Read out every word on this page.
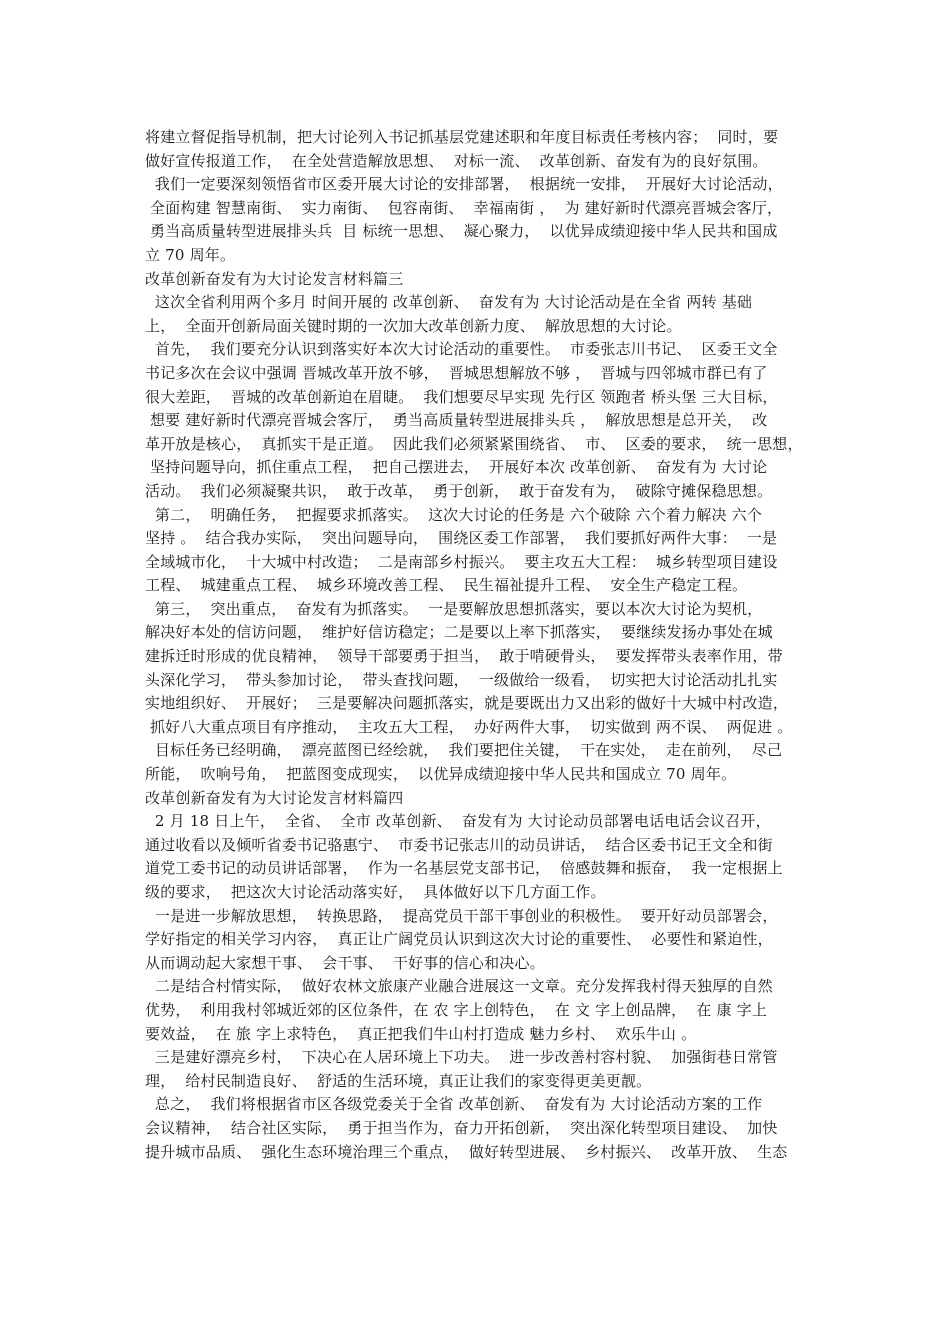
将建立督促指导机制，把大讨论列入书记抓基层党建述职和年度目标责任考核内容；  同时，要
做好宣传报道工作，  在全处营造解放思想、  对标一流、  改革创新、奋发有为的良好氛围。
我们一定要深刻领悟省市区委开展大讨论的安排部署，  根据统一安排，  开展好大讨论活动，
全面构建 智慧南街、  实力南街、  包容南街、  幸福南街 ，  为 建好新时代漂亮晋城会客厅，
勇当高质量转型进展排头兵  目 标统一思想、  凝心聚力，  以优异成绩迎接中华人民共和国成
立 70 周年。
改革创新奋发有为大讨论发言材料篇三
这次全省利用两个多月 时间开展的 改革创新、  奋发有为 大讨论活动是在全省 两转 基础
上，  全面开创新局面关键时期的一次加大改革创新力度、  解放思想的大讨论。
首先，  我们要充分认识到落实好本次大讨论活动的重要性。  市委张志川书记、  区委王文全
书记多次在会议中强调 晋城改革开放不够，  晋城思想解放不够 ，  晋城与四邻城市群已有了
很大差距，  晋城的改革创新迫在眉睫。  我们想要尽早实现 先行区 领跑者 桥头堡 三大目标，
想要 建好新时代漂亮晋城会客厅，  勇当高质量转型进展排头兵 ，  解放思想是总开关，  改
革开放是核心，  真抓实干是正道。  因此我们必须紧紧围绕省、  市、  区委的要求，  统一思想，
坚持问题导向，抓住重点工程，  把自己摆进去，  开展好本次 改革创新、  奋发有为 大讨论
活动。  我们必须凝聚共识，  敢于改革，  勇于创新，  敢于奋发有为，  破除守摊保稳思想。
第二，  明确任务，  把握要求抓落实。  这次大讨论的任务是 六个破除 六个着力解决 六个
坚持 。  结合我办实际，  突出问题导向，  围绕区委工作部署，  我们要抓好两件大事：  一是
全域城市化，  十大城中村改造；  二是南部乡村振兴。  要主攻五大工程：  城乡转型项目建设
工程、  城建重点工程、  城乡环境改善工程、  民生福祉提升工程、  安全生产稳定工程。
第三，  突出重点，  奋发有为抓落实。  一是要解放思想抓落实，要以本次大讨论为契机，
解决好本处的信访问题，  维护好信访稳定；二是要以上率下抓落实，  要继续发扬办事处在城
建拆迁时形成的优良精神，  领导干部要勇于担当，  敢于啃硬骨头，  要发挥带头表率作用，带
头深化学习，  带头参加讨论，  带头查找问题，  一级做给一级看，  切实把大讨论活动扎扎实
实地组织好、  开展好；  三是要解决问题抓落实，就是要既出力又出彩的做好十大城中村改造，
抓好八大重点项目有序推动，  主攻五大工程，  办好两件大事，  切实做到 两不误、  两促进 。
目标任务已经明确，  漂亮蓝图已经绘就，  我们要把住关键，  干在实处，  走在前列，  尽己
所能，  吹响号角，  把蓝图变成现实，  以优异成绩迎接中华人民共和国成立 70 周年。
改革创新奋发有为大讨论发言材料篇四
2 月 18 日上午，  全省、  全市 改革创新、  奋发有为 大讨论动员部署电话电话会议召开，
通过收看以及倾听省委书记骆惠宁、  市委书记张志川的动员讲话，  结合区委书记王文全和街
道党工委书记的动员讲话部署，  作为一名基层党支部书记，  倍感鼓舞和振奋，  我一定根据上
级的要求，  把这次大讨论活动落实好，  具体做好以下几方面工作。
一是进一步解放思想，  转换思路，  提高党员干部干事创业的积极性。  要开好动员部署会，
学好指定的相关学习内容，  真正让广阔党员认识到这次大讨论的重要性、  必要性和紧迫性，
从而调动起大家想干事、  会干事、  干好事的信心和决心。
二是结合村情实际，  做好农林文旅康产业融合进展这一文章。充分发挥我村得天独厚的自然
优势，  利用我村邻城近郊的区位条件，在 农 字上创特色，  在 文 字上创品牌，  在 康 字上
要效益，  在 旅 字上求特色，  真正把我们牛山村打造成 魅力乡村、  欢乐牛山 。
三是建好漂亮乡村，  下决心在人居环境上下功夫。  进一步改善村容村貌、  加强街巷日常管
理，  给村民制造良好、  舒适的生活环境，真正让我们的家变得更美更靓。
总之，  我们将根据省市区各级党委关于全省 改革创新、  奋发有为 大讨论活动方案的工作
会议精神，  结合社区实际，  勇于担当作为，奋力开拓创新，  突出深化转型项目建设、  加快
提升城市品质、  强化生态环境治理三个重点，  做好转型进展、  乡村振兴、  改革开放、  生态
